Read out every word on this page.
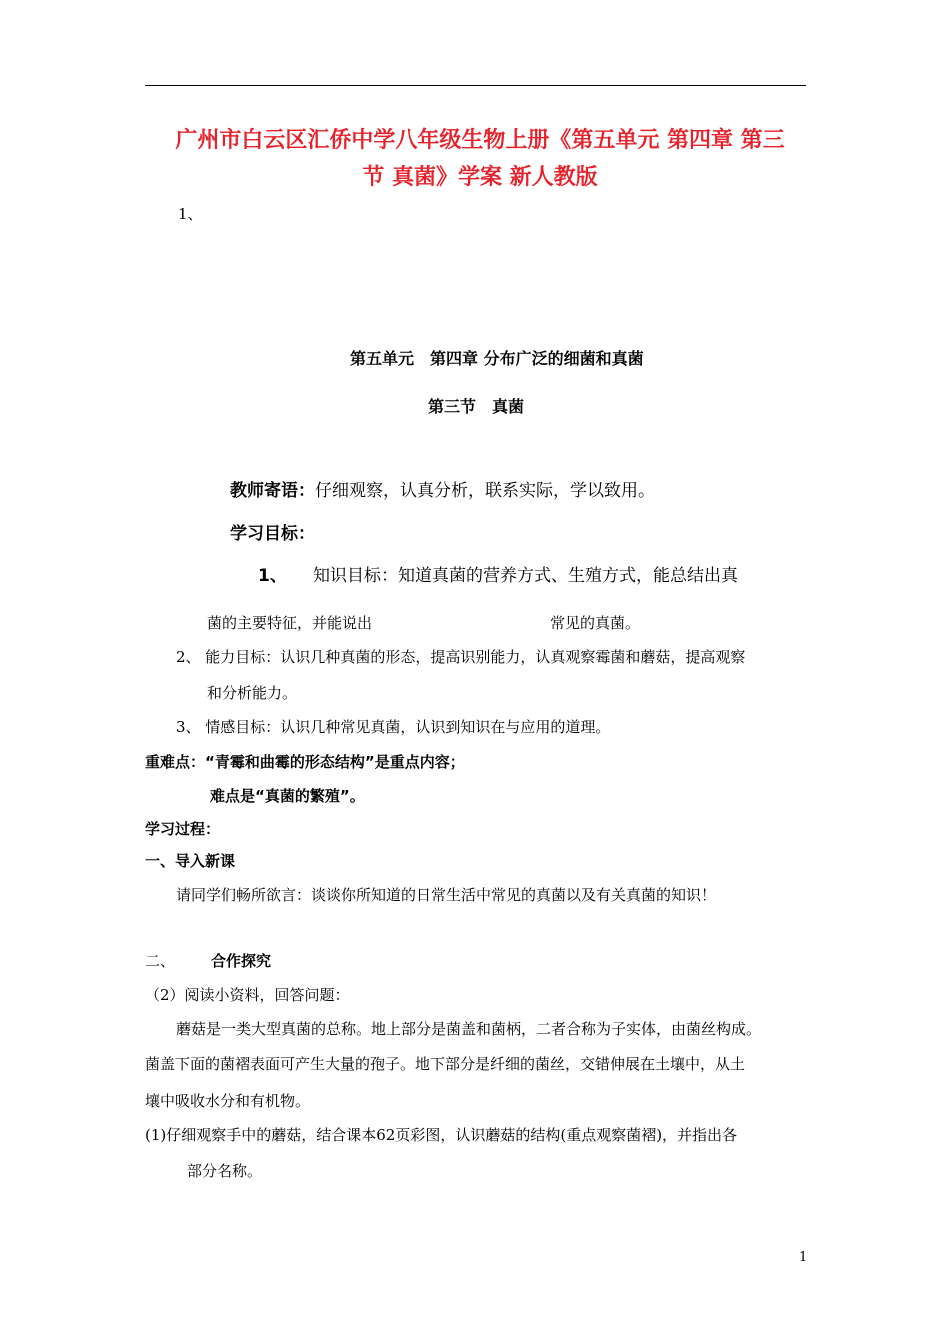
广州市白云区汇侨中学八年级生物上册《第五单元 第四章 第三
节 真菌》学案 新人教版
1、
第五单元　第四章 分布广泛的细菌和真菌
第三节　真菌
教师寄语：仔细观察，认真分析，联系实际，学以致用。
学习目标：
1、 知识目标：知道真菌的营养方式、生殖方式，能总结出真
菌的主要特征，并能说出	常见的真菌。
2、 能力目标：认识几种真菌的形态，提高识别能力，认真观察霉菌和蘑菇，提高观察
和分析能力。
3、 情感目标：认识几种常见真菌，认识到知识在与应用的道理。
重难点：“青霉和曲霉的形态结构”是重点内容；
难点是“真菌的繁殖”。
学习过程：
一、导入新课
请同学们畅所欲言：谈谈你所知道的日常生活中常见的真菌以及有关真菌的知识！
二、 合作探究
（2）阅读小资料，回答问题：
蘑菇是一类大型真菌的总称。地上部分是菌盖和菌柄，二者合称为子实体，由菌丝构成。
菌盖下面的菌褶表面可产生大量的孢子。地下部分是纤细的菌丝，交错伸展在土壤中，从土
壤中吸收水分和有机物。
(1)仔细观察手中的蘑菇，结合课本62页彩图，认识蘑菇的结构(重点观察菌褶)，并指出各
部分名称。
1
